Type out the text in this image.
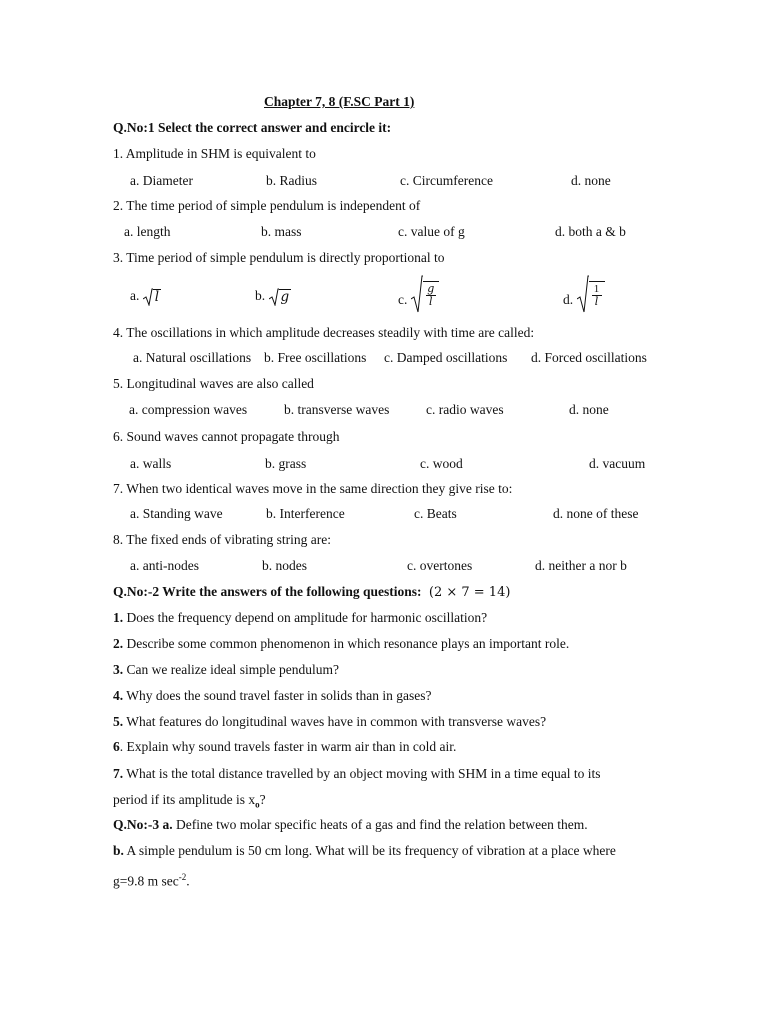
Chapter 7, 8 (F.SC Part 1)
Q.No:1 Select the correct answer and encircle it:
1. Amplitude in SHM is equivalent to
a. Diameter	b. Radius	c. Circumference	d. none
2. The time period of simple pendulum is independent of
a. length	b. mass	c. value of g	d. both a & b
3. Time period of simple pendulum is directly proportional to
a. l	b. g	c. $\frac{g}{l}$	d. $\frac{1}{l}$
4. The oscillations in which amplitude decreases steadily with time are called:
a. Natural oscillations b. Free oscillations c. Damped oscillations d. Forced oscillations
5. Longitudinal waves are also called
a. compression waves	b. transverse waves	c. radio waves	d. none
6. Sound waves cannot propagate through
a. walls	b. grass	c. wood	d. vacuum
7. When two identical waves move in the same direction they give rise to:
a. Standing wave	b. Interference	c. Beats	d. none of these
8. The fixed ends of vibrating string are:
a. anti-nodes	b. nodes	c. overtones	d. neither a nor b
Q.No:-2 Write the answers of the following questions: (2 × 7 = 14)
1. Does the frequency depend on amplitude for harmonic oscillation?
2. Describe some common phenomenon in which resonance plays an important role.
3. Can we realize ideal simple pendulum?
4. Why does the sound travel faster in solids than in gases?
5. What features do longitudinal waves have in common with transverse waves?
6. Explain why sound travels faster in warm air than in cold air.
7. What is the total distance travelled by an object moving with SHM in a time equal to its
period if its amplitude is $x_o$?
Q.No:-3 a. Define two molar specific heats of a gas and find the relation between them.
b. A simple pendulum is 50 cm long. What will be its frequency of vibration at a place where
g=9.8 m $\sec^{-2}$.
